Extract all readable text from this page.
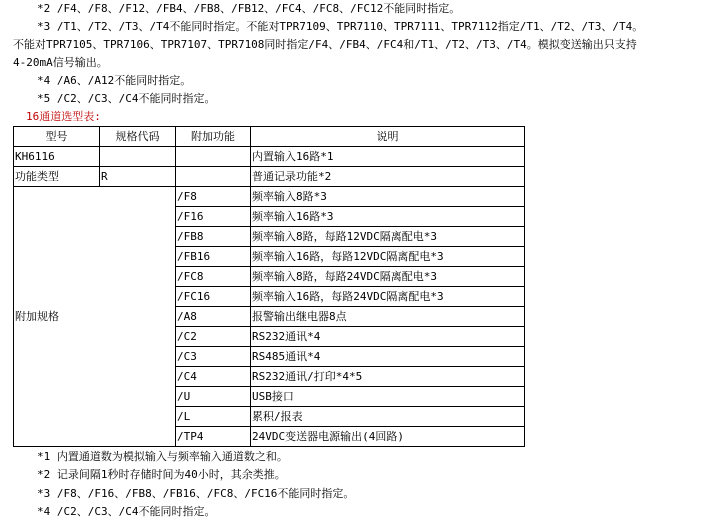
*2 /F4、/F8、/F12、/FB4、/FB8、/FB12、/FC4、/FC8、/FC12不能同时指定。
*3 /T1、/T2、/T3、/T4不能同时指定。不能对TPR7109、TPR7110、TPR7111、TPR7112指定/T1、/T2、/T3、/T4。
不能对TPR7105、TPR7106、TPR7107、TPR7108同时指定/F4、/FB4、/FC4和/T1、/T2、/T3、/T4。模拟变送输出只支持
4-20mA信号输出。
*4 /A6、/A12不能同时指定。
*5 /C2、/C3、/C4不能同时指定。
16通道选型表:
型号	规格代码	附加功能	说明
KH6116			内置输入16路*1
功能类型	R		普通记录功能*2
附加规格		/F8	频率输入8路*3
		/F16	频率输入16路*3
		/FB8	频率输入8路，每路12VDC隔离配电*3
		/FB16	频率输入16路，每路12VDC隔离配电*3
		/FC8	频率输入8路，每路24VDC隔离配电*3
		/FC16	频率输入16路，每路24VDC隔离配电*3
		/A8	报警输出继电器8点
		/C2	RS232通讯*4
		/C3	RS485通讯*4
		/C4	RS232通讯/打印*4*5
		/U	USB接口
		/L	累积/报表
		/TP4	24VDC变送器电源输出(4回路)
*1 内置通道数为模拟输入与频率输入通道数之和。
*2 记录间隔1秒时存储时间为40小时，其余类推。
*3 /F8、/F16、/FB8、/FB16、/FC8、/FC16不能同时指定。
*4 /C2、/C3、/C4不能同时指定。
